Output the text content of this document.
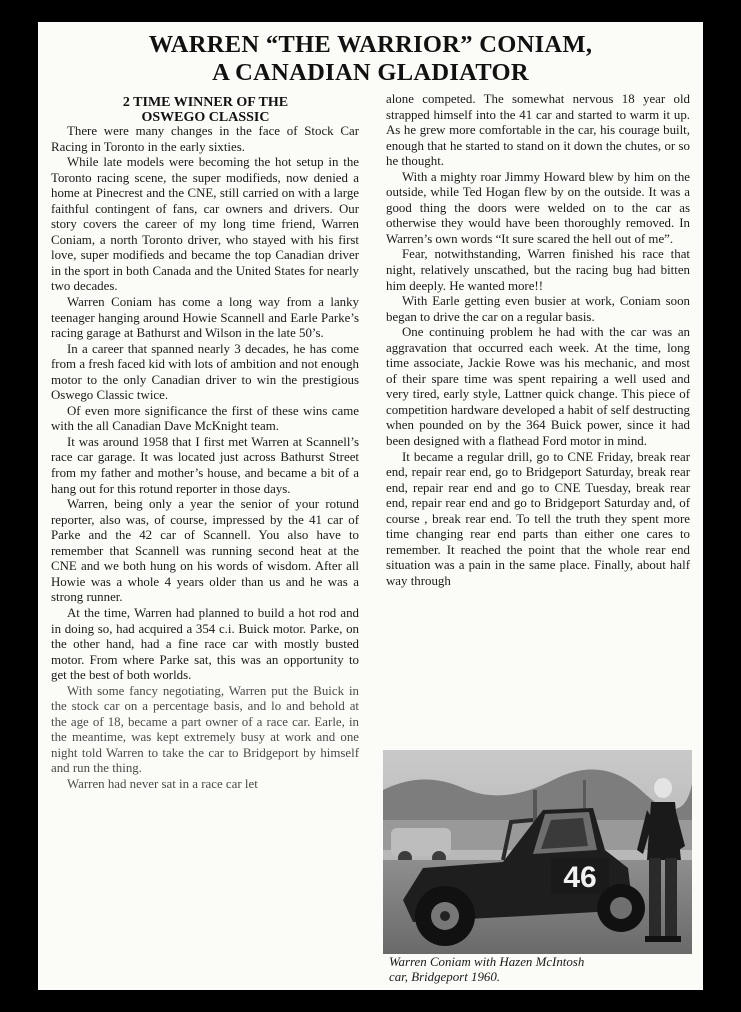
WARREN “THE WARRIOR” CONIAM,
A CANADIAN GLADIATOR
2 TIME WINNER OF THE
OSWEGO CLASSIC

There were many changes in the face of Stock Car Racing in Toronto in the early sixties.

While late models were becoming the hot setup in the Toronto racing scene, the super modifieds, now denied a home at Pinecrest and the CNE, still carried on with a large faithful contingent of fans, car owners and drivers. Our story covers the career of my long time friend, Warren Coniam, a north Toronto driver, who stayed with his first love, super modifieds and became the top Canadian driver in the sport in both Canada and the United States for nearly two decades.

Warren Coniam has come a long way from a lanky teenager hanging around Howie Scannell and Earle Parke’s racing garage at Bathurst and Wilson in the late 50’s.

In a career that spanned nearly 3 decades, he has come from a fresh faced kid with lots of ambition and not enough motor to the only Canadian driver to win the prestigious Oswego Classic twice.

Of even more significance the first of these wins came with the all Canadian Dave McKnight team.

It was around 1958 that I first met Warren at Scannell’s race car garage. It was located just across Bathurst Street from my father and mother’s house, and became a bit of a hang out for this rotund reporter in those days.

Warren, being only a year the senior of your rotund reporter, also was, of course, impressed by the 41 car of Parke and the 42 car of Scannell. You also have to remember that Scannell was running second heat at the CNE and we both hung on his words of wisdom. After all Howie was a whole 4 years older than us and he was a strong runner.

At the time, Warren had planned to build a hot rod and in doing so, had acquired a 354 c.i. Buick motor. Parke, on the other hand, had a fine race car with mostly busted motor. From where Parke sat, this was an opportunity to get the best of both worlds.

With some fancy negotiating, Warren put the Buick in the stock car on a percentage basis, and lo and behold at the age of 18, became a part owner of a race car. Earle, in the meantime, was kept extremely busy at work and one night told Warren to take the car to Bridgeport by himself and run the thing.

Warren had never sat in a race car let

alone competed. The somewhat nervous 18 year old strapped himself into the 41 car and started to warm it up. As he grew more comfortable in the car, his courage built, enough that he started to stand on it down the chutes, or so he thought.

With a mighty roar Jimmy Howard blew by him on the outside, while Ted Hogan flew by on the outside. It was a good thing the doors were welded on to the car as otherwise they would have been thoroughly removed. In Warren’s own words “It sure scared the hell out of me”.

Fear, notwithstanding, Warren finished his race that night, relatively unscathed, but the racing bug had bitten him deeply. He wanted more!!

With Earle getting even busier at work, Coniam soon began to drive the car on a regular basis.

One continuing problem he had with the car was an aggravation that occurred each week. At the time, long time associate, Jackie Rowe was his mechanic, and most of their spare time was spent repairing a well used and very tired, early style, Lattner quick change. This piece of competition hardware developed a habit of self destructing when pounded on by the 364 Buick power, since it had been designed with a flathead Ford motor in mind.

It became a regular drill, go to CNE Friday, break rear end, repair rear end, go to Bridgeport Saturday, break rear end, repair rear end and go to CNE Tuesday, break rear end, repair rear end and go to Bridgeport Saturday and, of course , break rear end. To tell the truth they spent more time changing rear end parts than either one cares to remember. It reached the point that the whole rear end situation was a pain in the same place. Finally, about half way through

46
Warren Coniam with Hazen McIntosh
car, Bridgeport 1960.
